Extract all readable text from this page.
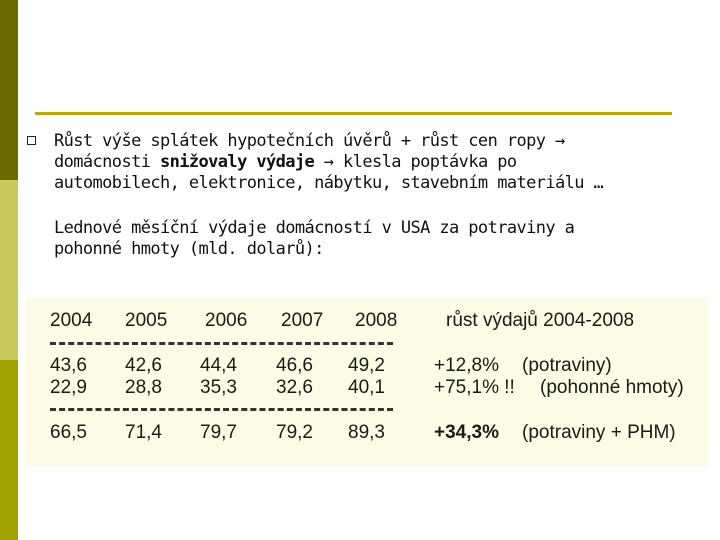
Růst výše splátek hypotečních úvěrů + růst cen ropy →
domácnosti snižovaly výdaje → klesla poptávka po
automobilech, elektronice, nábytku, stavebním materiálu …
Lednové měsíční výdaje domácností v USA za potraviny a
pohonné hmoty (mld. dolarů):
2004 2005 2006 2007 2008	růst výdajů 2004-2008
43,6 42,6 44,4 46,6 49,2	+12,8% (potraviny)
22,9 28,8 35,3 32,6 40,1	+75,1% !! (pohonné hmoty)
66,5 71,4 79,7 79,2 89,3	+34,3% (potraviny + PHM)
